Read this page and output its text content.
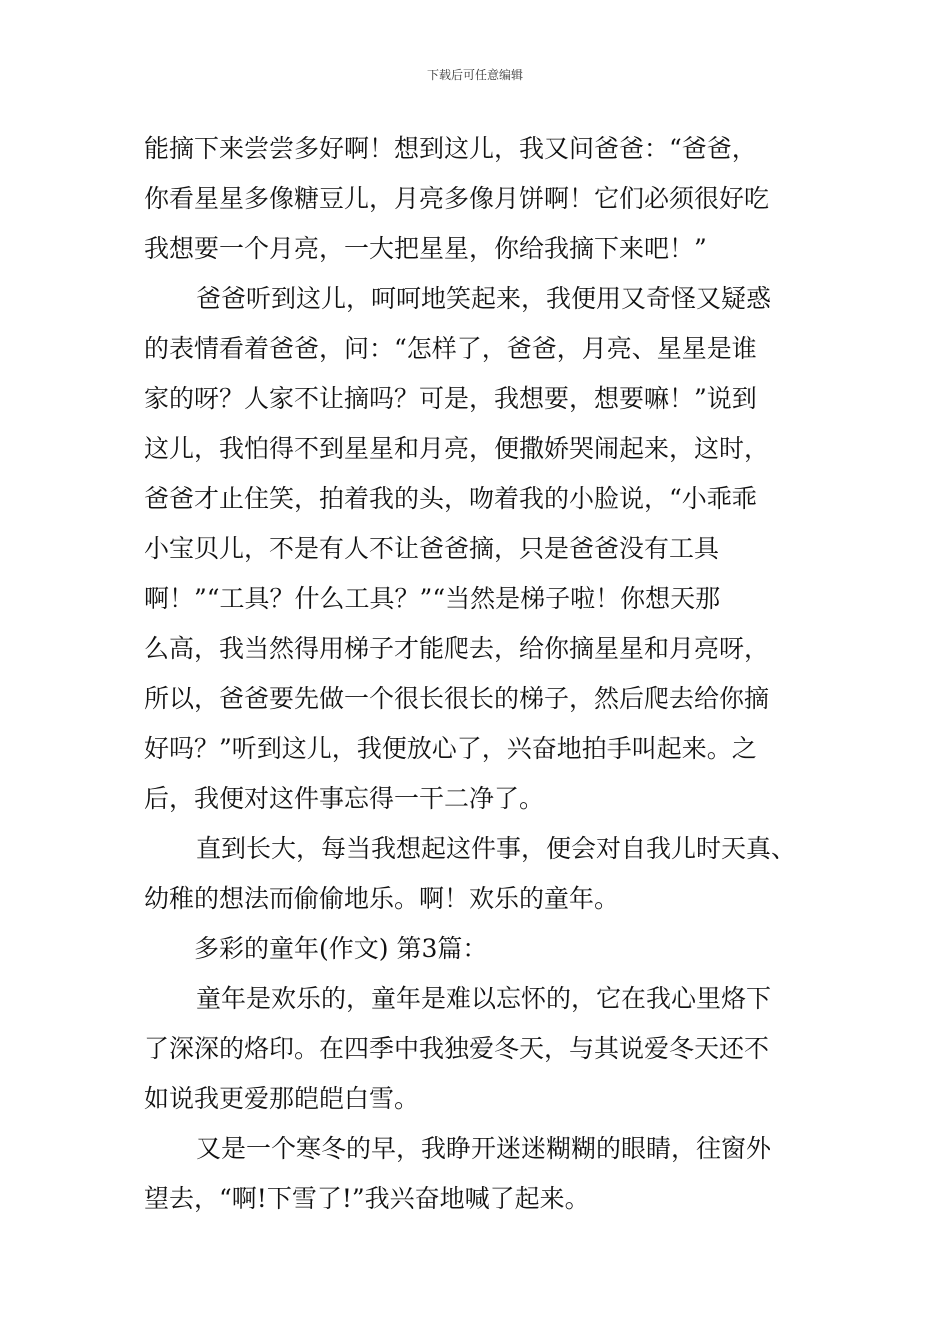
下载后可任意编辑
能摘下来尝尝多好啊！想到这儿，我又问爸爸：“爸爸，
你看星星多像糖豆儿，月亮多像月饼啊！它们必须很好吃
我想要一个月亮，一大把星星，你给我摘下来吧！”
爸爸听到这儿，呵呵地笑起来，我便用又奇怪又疑惑
的表情看着爸爸，问：“怎样了，爸爸，月亮、星星是谁
家的呀？人家不让摘吗？可是，我想要，想要嘛！”说到
这儿，我怕得不到星星和月亮，便撒娇哭闹起来，这时，
爸爸才止住笑，拍着我的头，吻着我的小脸说，“小乖乖
小宝贝儿，不是有人不让爸爸摘，只是爸爸没有工具
啊！”“工具？什么工具？”“当然是梯子啦！你想天那
么高，我当然得用梯子才能爬去，给你摘星星和月亮呀，
所以，爸爸要先做一个很长很长的梯子，然后爬去给你摘
好吗？”听到这儿，我便放心了，兴奋地拍手叫起来。之
后，我便对这件事忘得一干二净了。
直到长大，每当我想起这件事，便会对自我儿时天真、
幼稚的想法而偷偷地乐。啊！欢乐的童年。
多彩的童年(作文) 第3篇：
童年是欢乐的，童年是难以忘怀的，它在我心里烙下
了深深的烙印。在四季中我独爱冬天，与其说爱冬天还不
如说我更爱那皑皑白雪。
又是一个寒冬的早，我睁开迷迷糊糊的眼睛，往窗外
望去，“啊!下雪了!”我兴奋地喊了起来。
